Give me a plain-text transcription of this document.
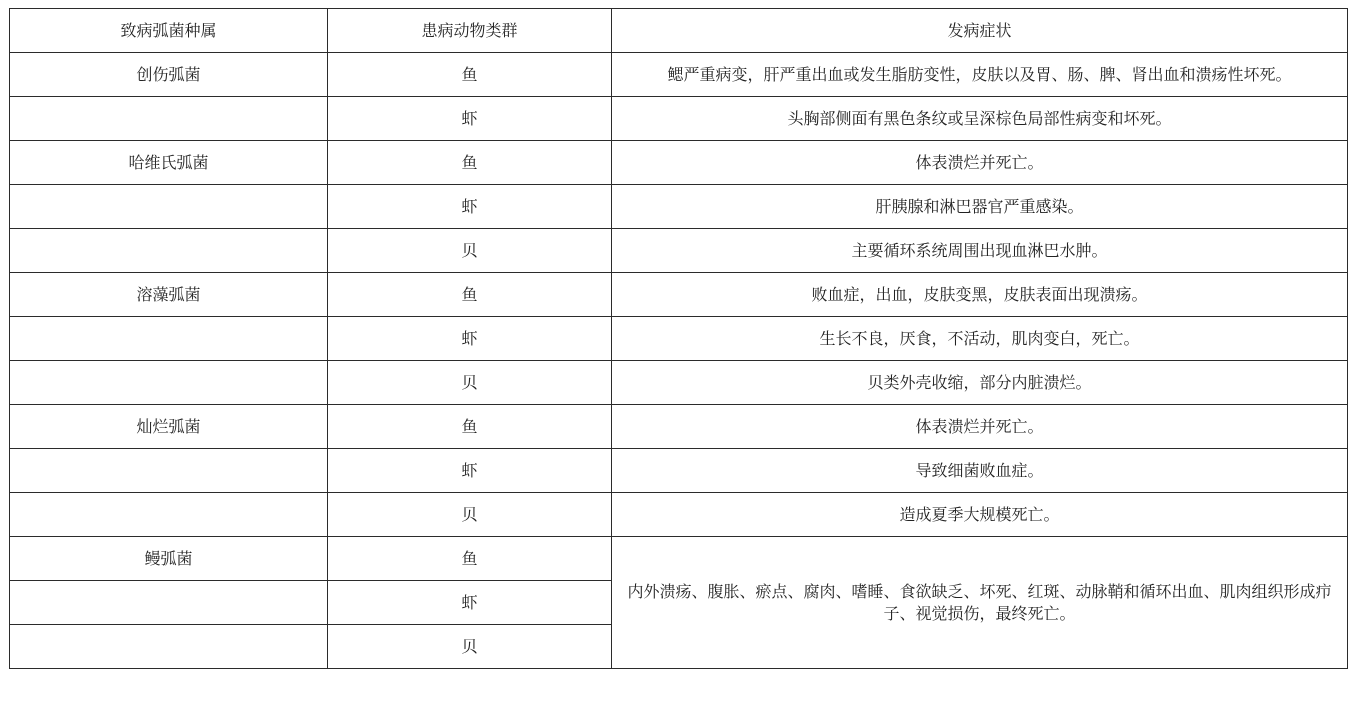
致病弧菌种属	患病动物类群	发病症状
创伤弧菌	鱼	鳃严重病变，肝严重出血或发生脂肪变性，皮肤以及胃、肠、脾、肾出血和溃疡性坏死。
	虾	头胸部侧面有黑色条纹或呈深棕色局部性病变和坏死。
哈维氏弧菌	鱼	体表溃烂并死亡。
	虾	肝胰腺和淋巴器官严重感染。
	贝	主要循环系统周围出现血淋巴水肿。
溶藻弧菌	鱼	败血症，出血，皮肤变黑，皮肤表面出现溃疡。
	虾	生长不良，厌食，不活动，肌肉变白，死亡。
	贝	贝类外壳收缩，部分内脏溃烂。
灿烂弧菌	鱼	体表溃烂并死亡。
	虾	导致细菌败血症。
	贝	造成夏季大规模死亡。
鳗弧菌	鱼	内外溃疡、腹胀、瘀点、腐肉、嗜睡、食欲缺乏、坏死、红斑、动脉鞘和循环出血、肌肉组织形成疖子、视觉损伤，最终死亡。
	虾	
	贝	
